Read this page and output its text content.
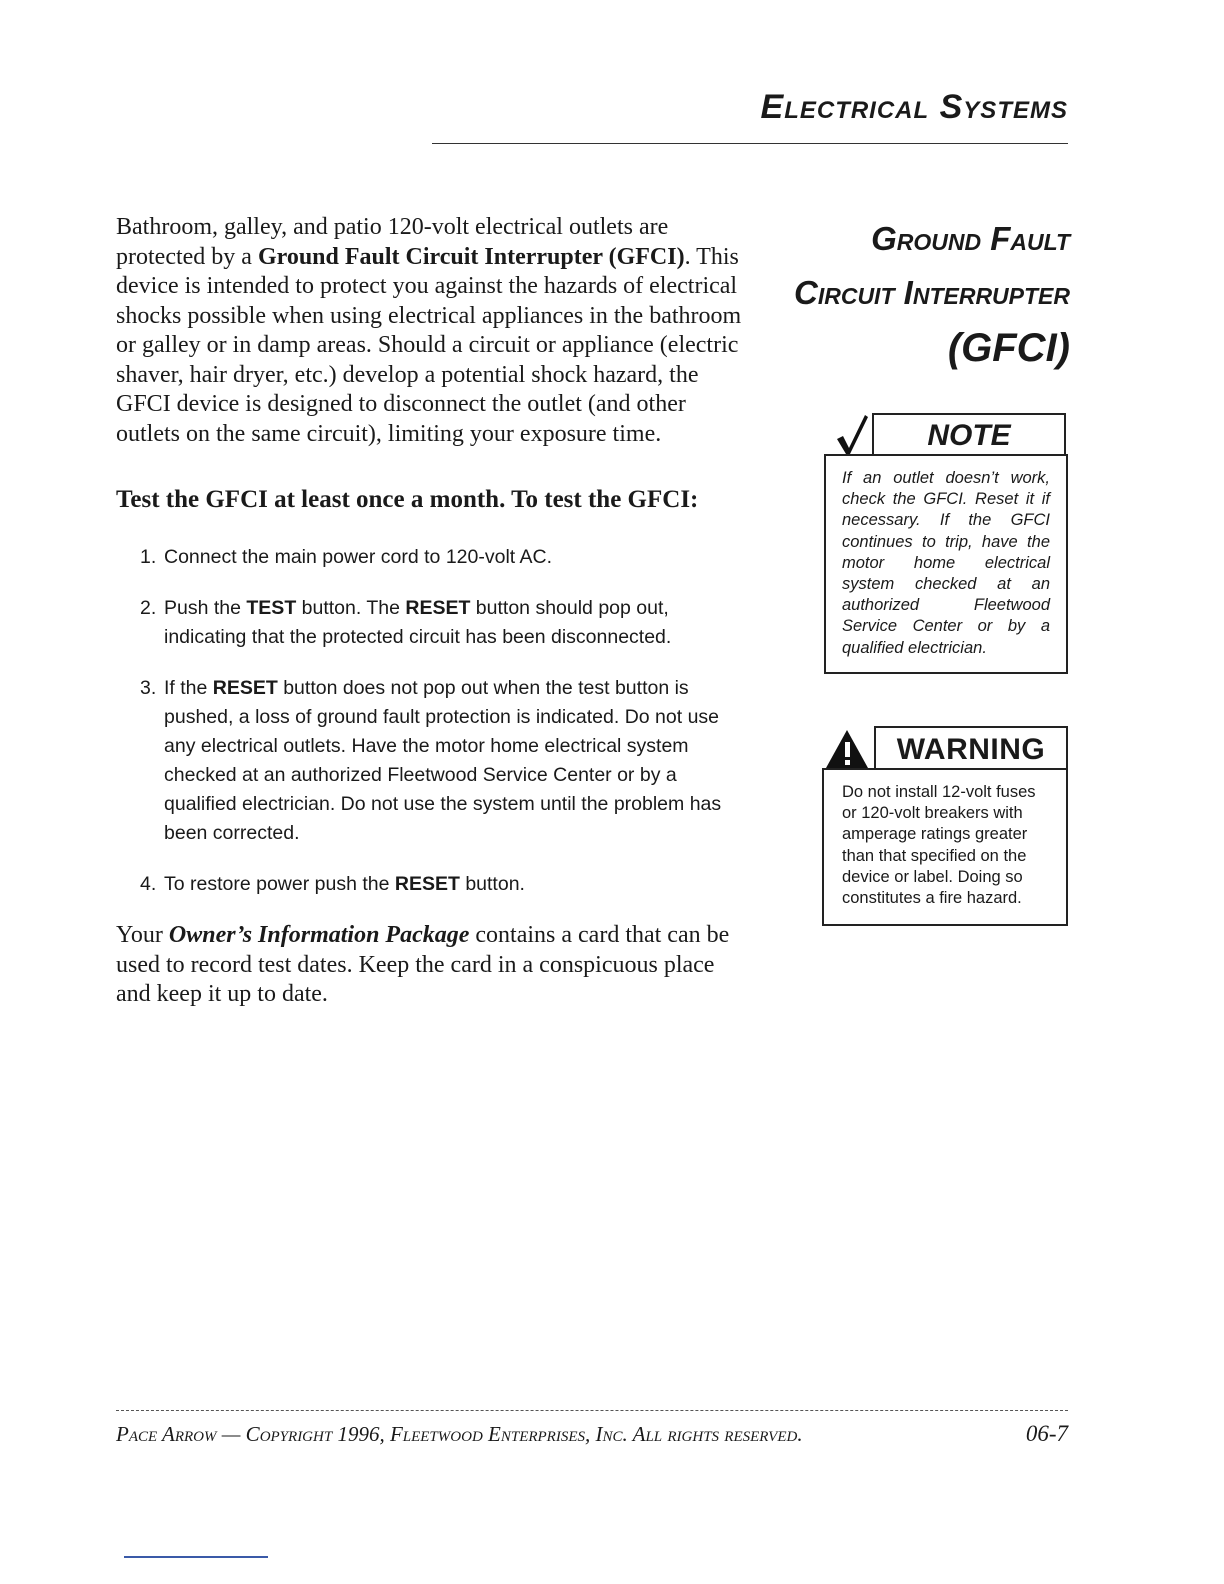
Electrical Systems
Ground Fault
Circuit Interrupter
(GFCI)

Bathroom, galley, and patio 120-volt electrical outlets are protected by a Ground Fault Circuit Interrupter (GFCI). This device is intended to protect you against the hazards of electrical shocks possible when using electrical appliances in the bathroom or galley or in damp areas. Should a circuit or appliance (electric shaver, hair dryer, etc.) develop a potential shock hazard, the GFCI device is designed to disconnect the outlet (and other outlets on the same circuit), limiting your exposure time.

Test the GFCI at least once a month. To test the GFCI:

1. Connect the main power cord to 120-volt AC.
2. Push the TEST button. The RESET button should pop out, indicating that the protected circuit has been disconnected.
3. If the RESET button does not pop out when the test button is pushed, a loss of ground fault protection is indicated. Do not use any electrical outlets. Have the motor home electrical system checked at an authorized Fleetwood Service Center or by a qualified electrician. Do not use the system until the problem has been corrected.
4. To restore power push the RESET button.

Your Owner’s Information Package contains a card that can be used to record test dates. Keep the card in a conspicuous place and keep it up to date.

NOTE

If an outlet doesn’t work, check the GFCI. Reset it if necessary. If the GFCI continues to trip, have the motor home electrical system checked at an authorized Fleetwood Service Center or by a qualified electrician.

WARNING

Do not install 12-volt fuses or 120-volt breakers with amperage ratings greater than that specified on the device or label. Doing so constitutes a fire hazard.

Pace Arrow — Copyright 1996, Fleetwood Enterprises, Inc. All rights reserved.	06-7
